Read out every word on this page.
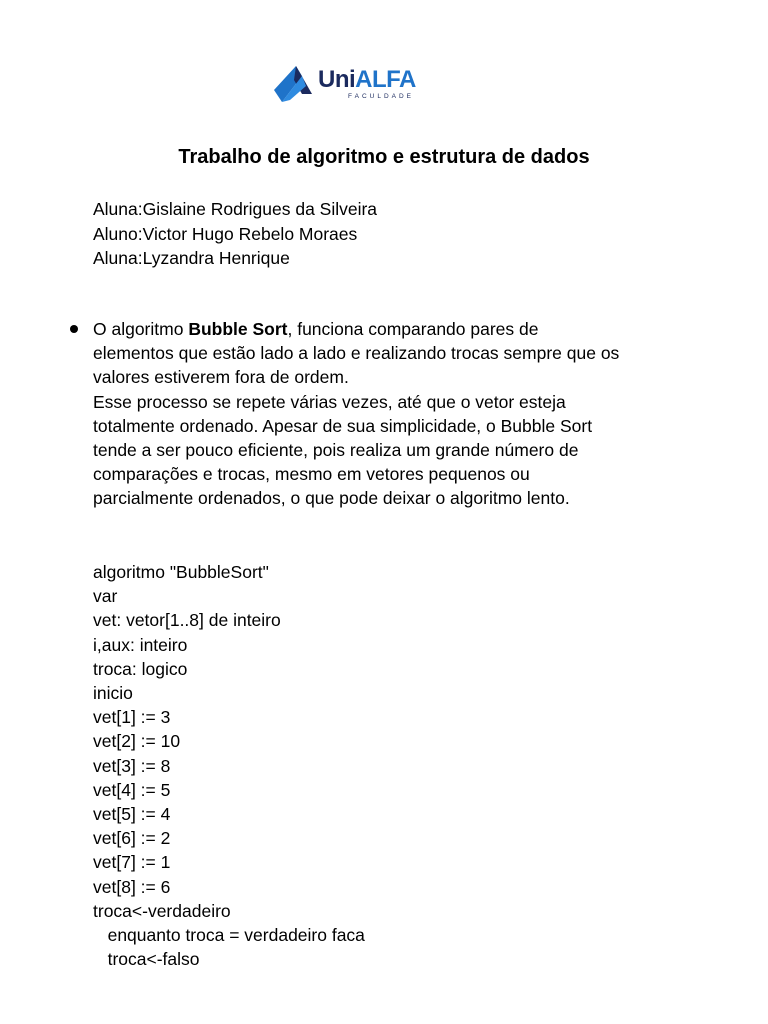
UniALFA
FACULDADE
Trabalho de algoritmo e estrutura de dados
Aluna:Gislaine Rodrigues da Silveira
Aluno:Victor Hugo Rebelo Moraes
Aluna:Lyzandra Henrique
O algoritmo Bubble Sort, funciona comparando pares de
elementos que estão lado a lado e realizando trocas sempre que os
valores estiverem fora de ordem.
Esse processo se repete várias vezes, até que o vetor esteja
totalmente ordenado. Apesar de sua simplicidade, o Bubble Sort
tende a ser pouco eficiente, pois realiza um grande número de
comparações e trocas, mesmo em vetores pequenos ou
parcialmente ordenados, o que pode deixar o algoritmo lento.
algoritmo "BubbleSort"
var
vet: vetor[1..8] de inteiro
i,aux: inteiro
troca: logico
inicio
vet[1] := 3
vet[2] := 10
vet[3] := 8
vet[4] := 5
vet[5] := 4
vet[6] := 2
vet[7] := 1
vet[8] := 6
troca<-verdadeiro
enquanto troca = verdadeiro faca
troca<-falso
